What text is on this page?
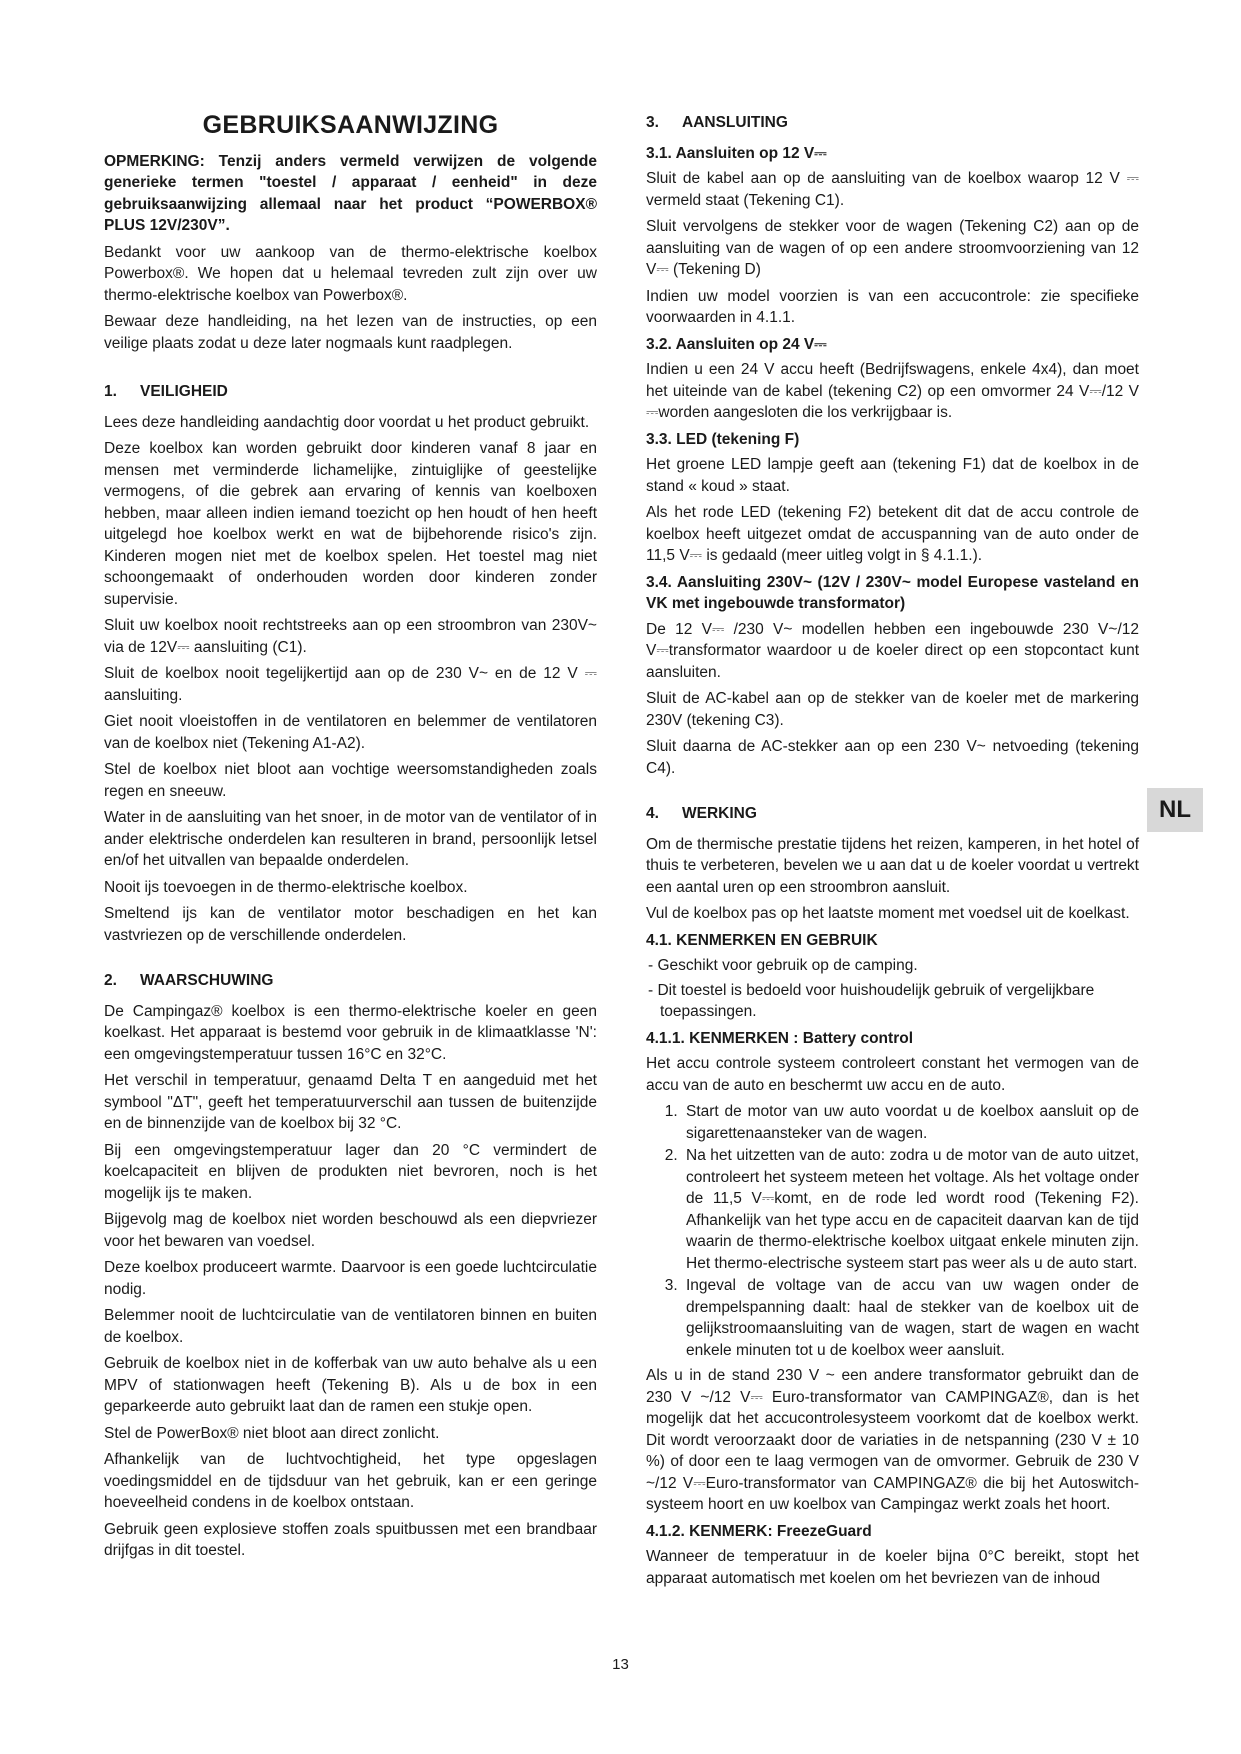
GEBRUIKSAANWIJZING

OPMERKING: Tenzij anders vermeld verwijzen de volgende generieke termen "toestel / apparaat / eenheid" in deze gebruiksaanwijzing allemaal naar het product “POWERBOX® PLUS 12V/230V”.

Bedankt voor uw aankoop van de thermo-elektrische koelbox Powerbox®. We hopen dat u helemaal tevreden zult zijn over uw thermo-elektrische koelbox van Powerbox®.

Bewaar deze handleiding, na het lezen van de instructies, op een veilige plaats zodat u deze later nogmaals kunt raadplegen.

1. VEILIGHEID

Lees deze handleiding aandachtig door voordat u het product gebruikt.

Deze koelbox kan worden gebruikt door kinderen vanaf 8 jaar en mensen met verminderde lichamelijke, zintuiglijke of geestelijke vermogens, of die gebrek aan ervaring of kennis van koelboxen hebben, maar alleen indien iemand toezicht op hen houdt of hen heeft uitgelegd hoe koelbox werkt en wat de bijbehorende risico's zijn. Kinderen mogen niet met de koelbox spelen. Het toestel mag niet schoongemaakt of onderhouden worden door kinderen zonder supervisie.

Sluit uw koelbox nooit rechtstreeks aan op een stroombron van 230V~ via de 12V⎓ aansluiting (C1).

Sluit de koelbox nooit tegelijkertijd aan op de 230 V~ en de 12 V ⎓ aansluiting.

Giet nooit vloeistoffen in de ventilatoren en belemmer de ventilatoren van de koelbox niet (Tekening A1-A2).

Stel de koelbox niet bloot aan vochtige weersomstandigheden zoals regen en sneeuw.

Water in de aansluiting van het snoer, in de motor van de ventilator of in ander elektrische onderdelen kan resulteren in brand, persoonlijk letsel en/of het uitvallen van bepaalde onderdelen.

Nooit ijs toevoegen in de thermo-elektrische koelbox.

Smeltend ijs kan de ventilator motor beschadigen en het kan vastvriezen op de verschillende onderdelen.

2. WAARSCHUWING

De Campingaz® koelbox is een thermo-elektrische koeler en geen koelkast. Het apparaat is bestemd voor gebruik in de klimaatklasse 'N': een omgevingstemperatuur tussen 16°C en 32°C.

Het verschil in temperatuur, genaamd Delta T en aangeduid met het symbool "ΔT", geeft het temperatuurverschil aan tussen de buitenzijde en de binnenzijde van de koelbox bij 32 °C.

Bij een omgevingstemperatuur lager dan 20 °C vermindert de koelcapaciteit en blijven de produkten niet bevroren, noch is het mogelijk ijs te maken.

Bijgevolg mag de koelbox niet worden beschouwd als een diepvriezer voor het bewaren van voedsel.

Deze koelbox produceert warmte. Daarvoor is een goede luchtcirculatie nodig.

Belemmer nooit de luchtcirculatie van de ventilatoren binnen en buiten de koelbox.

Gebruik de koelbox niet in de kofferbak van uw auto behalve als u een MPV of stationwagen heeft (Tekening B). Als u de box in een geparkeerde auto gebruikt laat dan de ramen een stukje open.

Stel de PowerBox® niet bloot aan direct zonlicht.

Afhankelijk van de luchtvochtigheid, het type opgeslagen voedingsmiddel en de tijdsduur van het gebruik, kan er een geringe hoeveelheid condens in de koelbox ontstaan.

Gebruik geen explosieve stoffen zoals spuitbussen met een brandbaar drijfgas in dit toestel.

3. AANSLUITING
3.1. Aansluiten op 12 V⎓

Sluit de kabel aan op de aansluiting van de koelbox waarop 12 V ⎓ vermeld staat (Tekening C1).

Sluit vervolgens de stekker voor de wagen (Tekening C2) aan op de aansluiting van de wagen of op een andere stroomvoorziening van 12 V⎓ (Tekening D)

Indien uw model voorzien is van een accucontrole: zie specifieke voorwaarden in 4.1.1.

3.2. Aansluiten op 24 V⎓

Indien u een 24 V accu heeft (Bedrijfswagens, enkele 4x4), dan moet het uiteinde van de kabel (tekening C2) op een omvormer 24 V⎓/12 V ⎓worden aangesloten die los verkrijgbaar is.

3.3. LED (tekening F)

Het groene LED lampje geeft aan (tekening F1) dat de koelbox in de stand « koud » staat.

Als het rode LED (tekening F2) betekent dit dat de accu controle de koelbox heeft uitgezet omdat de accuspanning van de auto onder de 11,5 V⎓ is gedaald (meer uitleg volgt in § 4.1.1.).

3.4. Aansluiting 230V~ (12V / 230V~ model Europese vasteland en VK met ingebouwde transformator)

De 12 V⎓ /230 V~ modellen hebben een ingebouwde 230 V~/12 V⎓transformator waardoor u de koeler direct op een stopcontact kunt aansluiten.

Sluit de AC-kabel aan op de stekker van de koeler met de markering 230V (tekening C3).

Sluit daarna de AC-stekker aan op een 230 V~ netvoeding (tekening C4).

4. WERKING

Om de thermische prestatie tijdens het reizen, kamperen, in het hotel of thuis te verbeteren, bevelen we u aan dat u de koeler voordat u vertrekt een aantal uren op een stroombron aansluit.

Vul de koelbox pas op het laatste moment met voedsel uit de koelkast.

4.1. KENMERKEN EN GEBRUIK
- Geschikt voor gebruik op de camping.
- Dit toestel is bedoeld voor huishoudelijk gebruik of vergelijkbare toepassingen.
4.1.1. KENMERKEN : Battery control

Het accu controle systeem controleert constant het vermogen van de accu van de auto en beschermt uw accu en de auto.

1. Start de motor van uw auto voordat u de koelbox aansluit op de sigarettenaansteker van de wagen.
2. Na het uitzetten van de auto: zodra u de motor van de auto uitzet, controleert het systeem meteen het voltage. Als het voltage onder de 11,5 V⎓komt, en de rode led wordt rood (Tekening F2). Afhankelijk van het type accu en de capaciteit daarvan kan de tijd waarin de thermo-elektrische koelbox uitgaat enkele minuten zijn. Het thermo-electrische systeem start pas weer als u de auto start.
3. Ingeval de voltage van de accu van uw wagen onder de drempelspanning daalt: haal de stekker van de koelbox uit de gelijkstroomaansluiting van de wagen, start de wagen en wacht enkele minuten tot u de koelbox weer aansluit.

Als u in de stand 230 V ~ een andere transformator gebruikt dan de 230 V ~/12 V⎓ Euro-transformator van CAMPINGAZ®, dan is het mogelijk dat het accucontrolesysteem voorkomt dat de koelbox werkt. Dit wordt veroorzaakt door de variaties in de netspanning (230 V ± 10 %) of door een te laag vermogen van de omvormer. Gebruik de 230 V ~/12 V⎓Euro-transformator van CAMPINGAZ® die bij het Autoswitch-systeem hoort en uw koelbox van Campingaz werkt zoals het hoort.

4.1.2. KENMERK: FreezeGuard

Wanneer de temperatuur in de koeler bijna 0°C bereikt, stopt het apparaat automatisch met koelen om het bevriezen van de inhoud

NL
13
